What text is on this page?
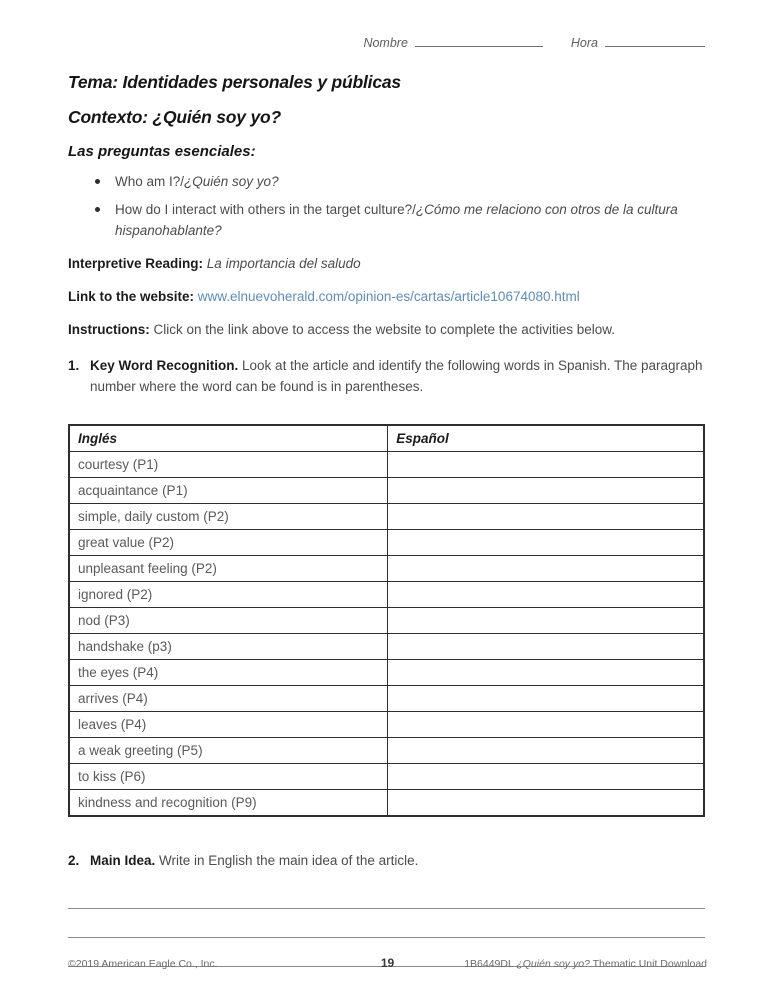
Nombre	Hora
Tema: Identidades personales y públicas
Contexto: ¿Quién soy yo?
Las preguntas esenciales:
Who am I?/¿Quién soy yo?
How do I interact with others in the target culture?/¿Cómo me relaciono con otros de la cultura hispanohablante?

Interpretive Reading: La importancia del saludo

Link to the website: www.elnuevoherald.com/opinion-es/cartas/article10674080.html

Instructions: Click on the link above to access the website to complete the activities below.

1. Key Word Recognition. Look at the article and identify the following words in Spanish. The paragraph number where the word can be found is in parentheses.
Inglés	Español
courtesy (P1)	
acquaintance (P1)	
simple, daily custom (P2)	
great value (P2)	
unpleasant feeling (P2)	
ignored (P2)	
nod (P3)	
handshake (p3)	
the eyes (P4)	
arrives (P4)	
leaves (P4)	
a weak greeting (P5)	
to kiss (P6)	
kindness and recognition (P9)	
2. Main Idea. Write in English the main idea of the article.
©2019 American Eagle Co., Inc.	19	1B6449DL ¿Quién soy yo? Thematic Unit Download
